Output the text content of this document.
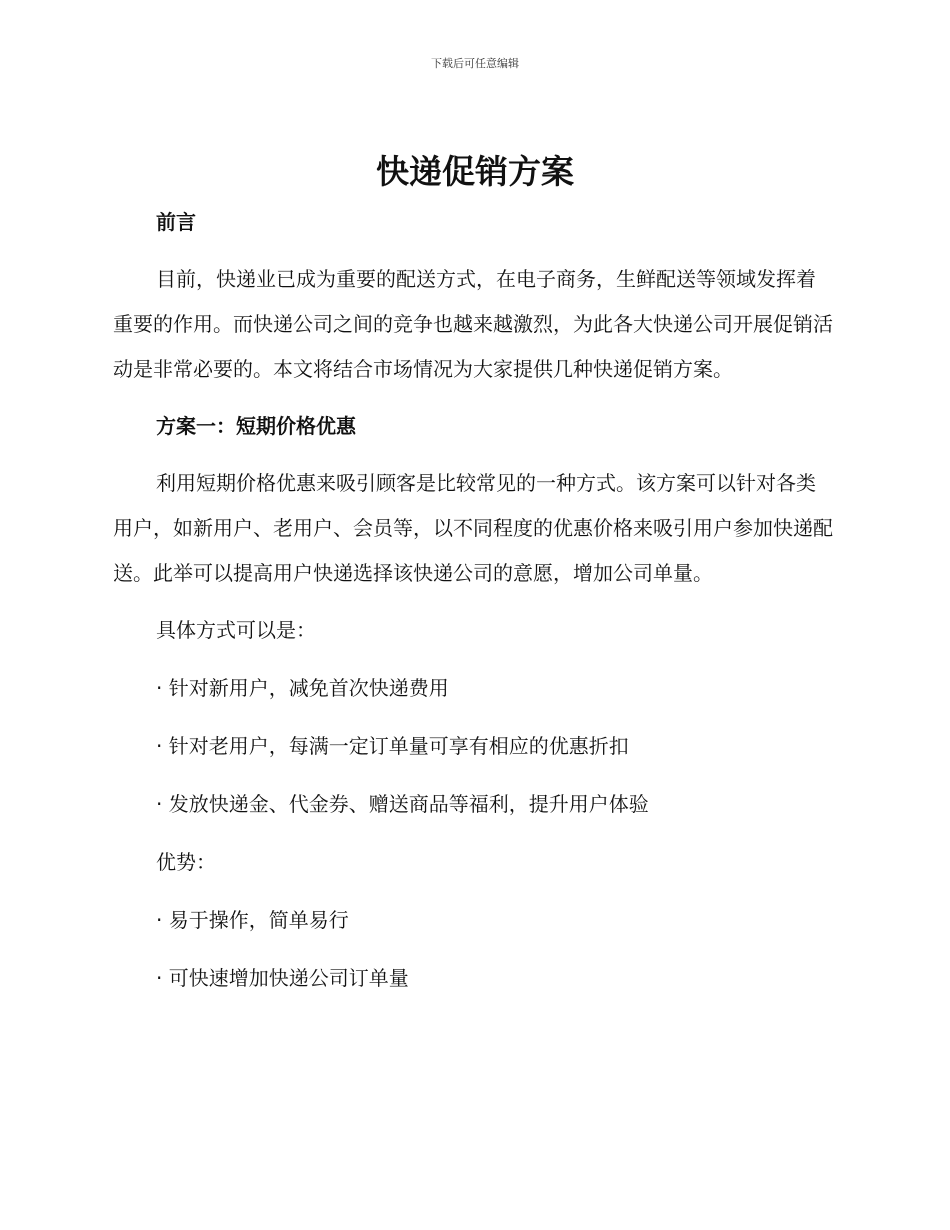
下载后可任意编辑
快递促销方案

前言

目前，快递业已成为重要的配送方式，在电子商务，生鲜配送等领域发挥着重要的作用。而快递公司之间的竞争也越来越激烈，为此各大快递公司开展促销活动是非常必要的。本文将结合市场情况为大家提供几种快递促销方案。

方案一：短期价格优惠

利用短期价格优惠来吸引顾客是比较常见的一种方式。该方案可以针对各类用户，如新用户、老用户、会员等，以不同程度的优惠价格来吸引用户参加快递配送。此举可以提高用户快递选择该快递公司的意愿，增加公司单量。

具体方式可以是：

· 针对新用户，减免首次快递费用

· 针对老用户，每满一定订单量可享有相应的优惠折扣

· 发放快递金、代金券、赠送商品等福利，提升用户体验

优势：

· 易于操作，简单易行

· 可快速增加快递公司订单量
